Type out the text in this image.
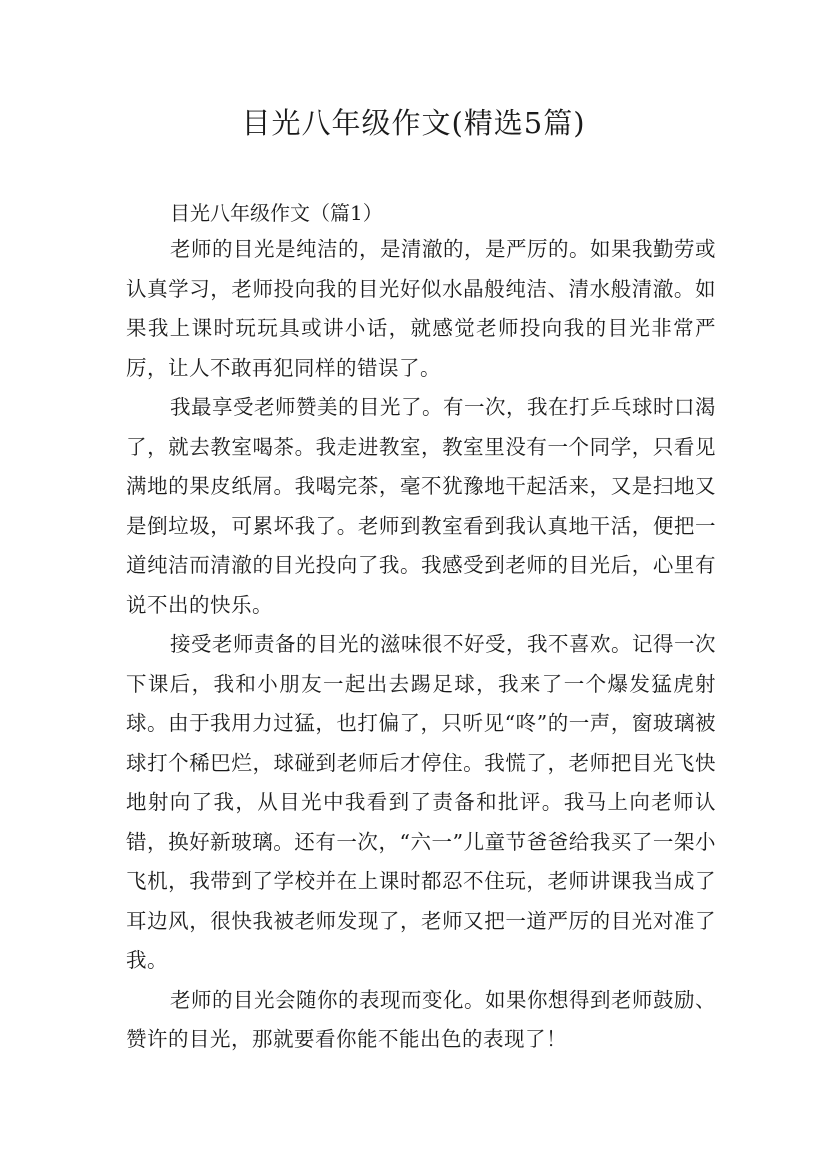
目光八年级作文(精选5篇)
目光八年级作文（篇1）

老师的目光是纯洁的，是清澈的，是严厉的。如果我勤劳或认真学习，老师投向我的目光好似水晶般纯洁、清水般清澈。如果我上课时玩玩具或讲小话，就感觉老师投向我的目光非常严厉，让人不敢再犯同样的错误了。

我最享受老师赞美的目光了。有一次，我在打乒乓球时口渴了，就去教室喝茶。我走进教室，教室里没有一个同学，只看见满地的果皮纸屑。我喝完茶，毫不犹豫地干起活来，又是扫地又是倒垃圾，可累坏我了。老师到教室看到我认真地干活，便把一道纯洁而清澈的目光投向了我。我感受到老师的目光后，心里有说不出的快乐。

接受老师责备的目光的滋味很不好受，我不喜欢。记得一次下课后，我和小朋友一起出去踢足球，我来了一个爆发猛虎射球。由于我用力过猛，也打偏了，只听见“咚”的一声，窗玻璃被球打个稀巴烂，球碰到老师后才停住。我慌了，老师把目光飞快地射向了我，从目光中我看到了责备和批评。我马上向老师认错，换好新玻璃。还有一次，“六一”儿童节爸爸给我买了一架小飞机，我带到了学校并在上课时都忍不住玩，老师讲课我当成了耳边风，很快我被老师发现了，老师又把一道严厉的目光对准了我。

老师的目光会随你的表现而变化。如果你想得到老师鼓励、赞许的目光，那就要看你能不能出色的表现了！
